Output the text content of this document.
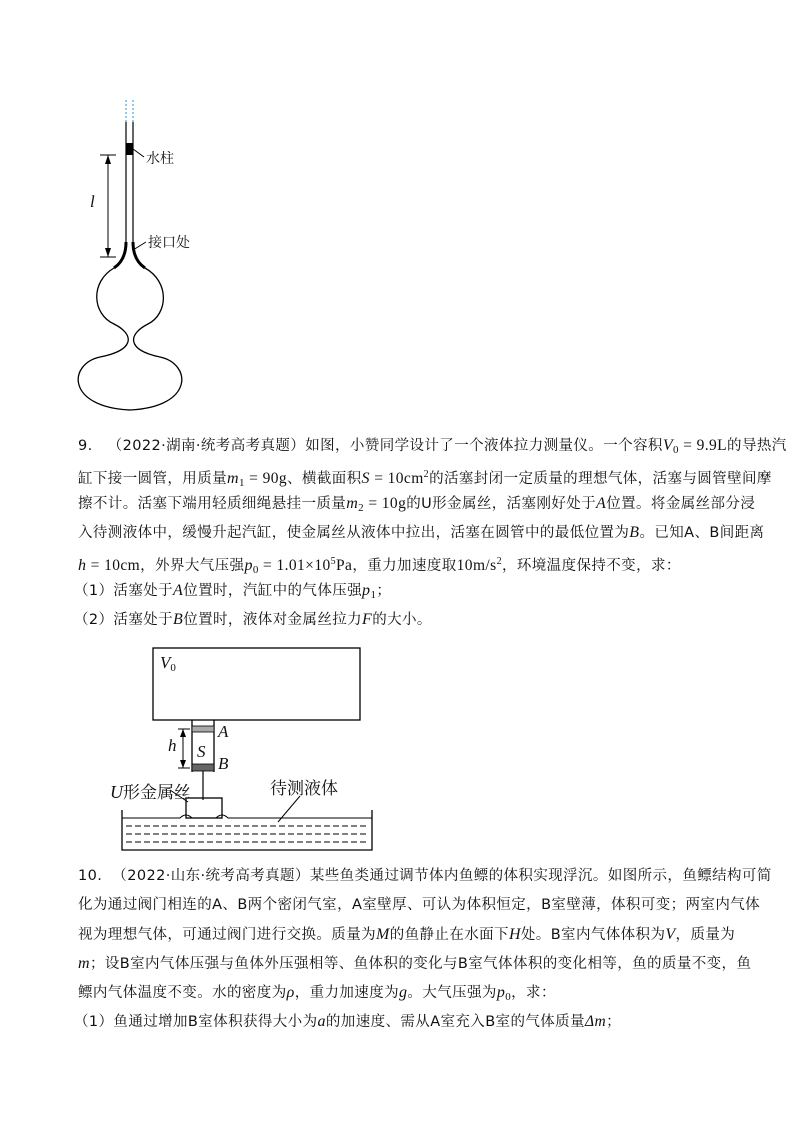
水柱
l
接口处
9. （2022·湖南·统考高考真题）如图，小赞同学设计了一个液体拉力测量仪。一个容积$V_0 = 9.9L$的导热汽
缸下接一圆管，用质量$m_1 = 90g$、横截面积$S = 10cm^2$的活塞封闭一定质量的理想气体，活塞与圆管壁间摩
擦不计。活塞下端用轻质细绳悬挂一质量$m_2 = 10g$的U形金属丝，活塞刚好处于A位置。将金属丝部分浸
入待测液体中，缓慢升起汽缸，使金属丝从液体中拉出，活塞在圆管中的最低位置为B。已知A、B间距离
h = 10cm，外界大气压强$p_0 = 1.01\times 10^5Pa$，重力加速度取$10m/s^2$，环境温度保持不变，求：
（1）活塞处于A位置时，汽缸中的气体压强$p_1$；
（2）活塞处于B位置时，液体对金属丝拉力F的大小。
V0
h
A
S
B
U形金属丝	待测液体
10. （2022·山东·统考高考真题）某些鱼类通过调节体内鱼鳔的体积实现浮沉。如图所示，鱼鳔结构可简
化为通过阀门相连的A、B两个密闭气室，A室壁厚、可认为体积恒定，B室壁薄，体积可变；两室内气体
视为理想气体，可通过阀门进行交换。质量为M的鱼静止在水面下H处。B室内气体体积为V，质量为
m；设B室内气体压强与鱼体外压强相等、鱼体积的变化与B室气体体积的变化相等，鱼的质量不变，鱼
鳔内气体温度不变。水的密度为ρ，重力加速度为g。大气压强为$p_0$，求：
（1）鱼通过增加B室体积获得大小为a的加速度、需从A室充入B室的气体质量Δm；
